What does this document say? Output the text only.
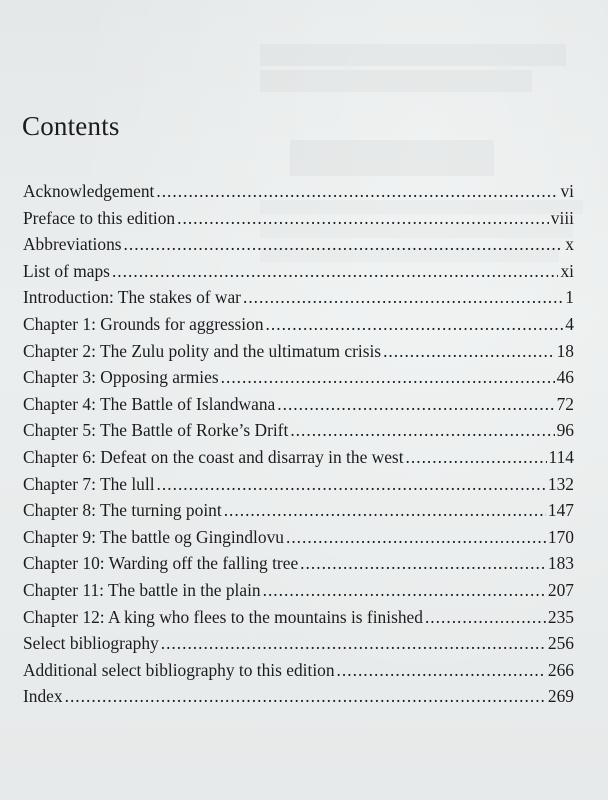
Contents
Acknowledgement .....	vi
Preface to this edition .....	viii
Abbreviations .....	x
List of maps .....	xi
Introduction: The stakes of war .....	1
Chapter 1: Grounds for aggression .....	4
Chapter 2: The Zulu polity and the ultimatum crisis .....	18
Chapter 3: Opposing armies .....	46
Chapter 4: The Battle of Islandwana .....	72
Chapter 5: The Battle of Rorke’s Drift .....	96
Chapter 6: Defeat on the coast and disarray in the west .....	114
Chapter 7: The lull .....	132
Chapter 8: The turning point .....	147
Chapter 9: The battle og Gingindlovu .....	170
Chapter 10: Warding off the falling tree .....	183
Chapter 11: The battle in the plain .....	207
Chapter 12: A king who flees to the mountains is finished .....	235
Select bibliography .....	256
Additional select bibliography to this edition .....	266
Index .....	269
